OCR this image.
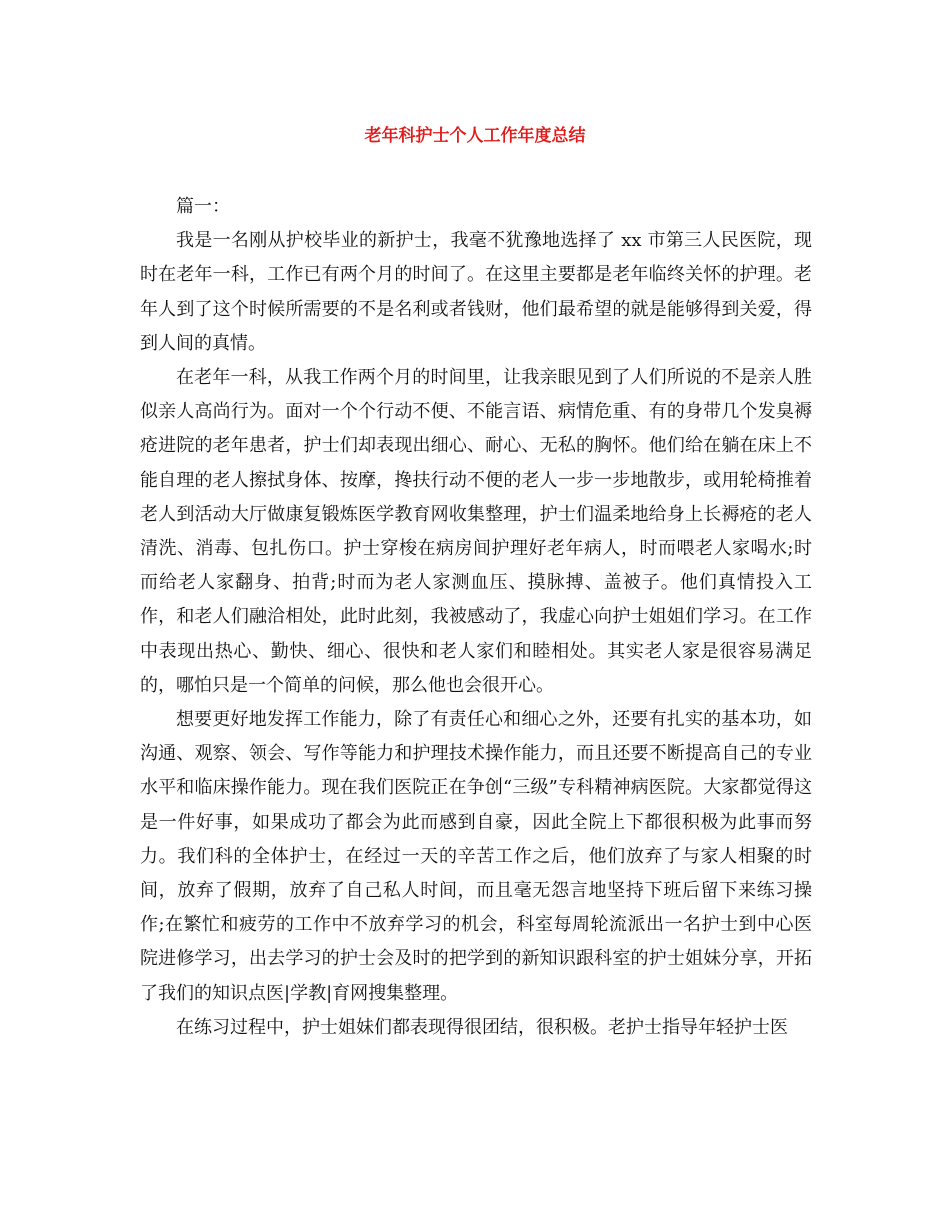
老年科护士个人工作年度总结

篇一：

我是一名刚从护校毕业的新护士，我毫不犹豫地选择了 xx 市第三人民医院，现时在老年一科，工作已有两个月的时间了。在这里主要都是老年临终关怀的护理。老年人到了这个时候所需要的不是名利或者钱财，他们最希望的就是能够得到关爱，得到人间的真情。

在老年一科，从我工作两个月的时间里，让我亲眼见到了人们所说的不是亲人胜似亲人高尚行为。面对一个个行动不便、不能言语、病情危重、有的身带几个发臭褥疮进院的老年患者，护士们却表现出细心、耐心、无私的胸怀。他们给在躺在床上不能自理的老人擦拭身体、按摩，搀扶行动不便的老人一步一步地散步，或用轮椅推着老人到活动大厅做康复锻炼医学教育网收集整理，护士们温柔地给身上长褥疮的老人清洗、消毒、包扎伤口。护士穿梭在病房间护理好老年病人，时而喂老人家喝水;时而给老人家翻身、拍背;时而为老人家测血压、摸脉搏、盖被子。他们真情投入工作，和老人们融洽相处，此时此刻，我被感动了，我虚心向护士姐姐们学习。在工作中表现出热心、勤快、细心、很快和老人家们和睦相处。其实老人家是很容易满足的，哪怕只是一个简单的问候，那么他也会很开心。

想要更好地发挥工作能力，除了有责任心和细心之外，还要有扎实的基本功，如沟通、观察、领会、写作等能力和护理技术操作能力，而且还要不断提高自己的专业水平和临床操作能力。现在我们医院正在争创“三级”专科精神病医院。大家都觉得这是一件好事，如果成功了都会为此而感到自豪，因此全院上下都很积极为此事而努力。我们科的全体护士，在经过一天的辛苦工作之后，他们放弃了与家人相聚的时间，放弃了假期，放弃了自己私人时间，而且毫无怨言地坚持下班后留下来练习操作;在繁忙和疲劳的工作中不放弃学习的机会，科室每周轮流派出一名护士到中心医院进修学习，出去学习的护士会及时的把学到的新知识跟科室的护士姐妹分享，开拓了我们的知识点医|学教|育网搜集整理。

在练习过程中，护士姐妹们都表现得很团结，很积极。老护士指导年轻护士医
